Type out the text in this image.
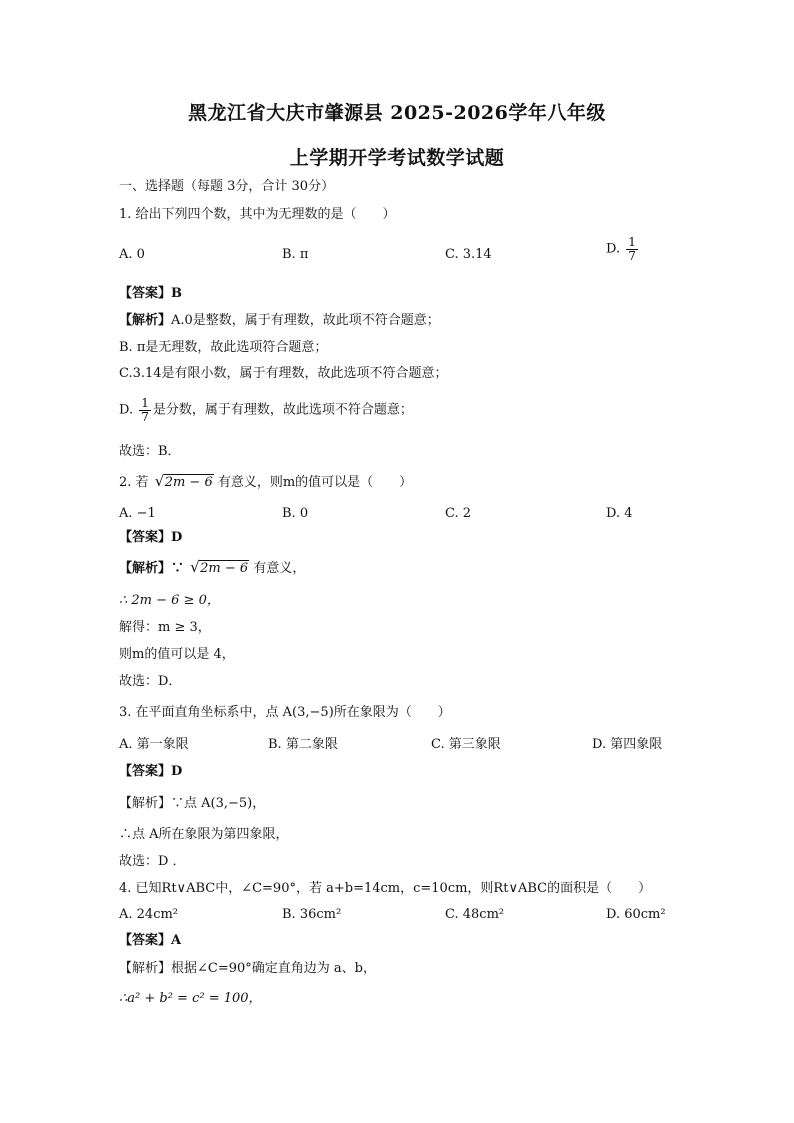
黑龙江省大庆市肇源县 2025-2026学年八年级
上学期开学考试数学试题
一、选择题（每题 3分，合计 30分）
1. 给出下列四个数，其中为无理数的是（　　）
A. 0	B. π	C. 3.14	D. $\frac{1}{7}$
【答案】B
【解析】A.0是整数，属于有理数，故此项不符合题意；
B. π是无理数，故此选项符合题意；
C.3.14是有限小数，属于有理数，故此选项不符合题意；
D. $\frac{1}{7}$ 是分数，属于有理数，故此选项不符合题意；
故选：B．
2. 若 √ 2m − 6 有意义，则m的值可以是（　　）
A. −1	B. 0	C. 2	D. 4
【答案】D
【解析】∵ √ 2m − 6 有意义，
∴ 2m − 6 ≥ 0，
解得：m ≥ 3，
则m的值可以是 4，
故选：D．
3. 在平面直角坐标系中，点 A(3,−5)所在象限为（　　）
A. 第一象限	B. 第二象限	C. 第三象限	D. 第四象限
【答案】D
【解析】∵点 A(3,−5)，
∴点 A所在象限为第四象限，
故选：D ．
4. 已知Rt∨ABC中，∠C=90°，若 a+b=14cm，c=10cm，则Rt∨ABC的面积是（　　）
A. 24cm²	B. 36cm²	C. 48cm²	D. 60cm²
【答案】A
【解析】根据∠C=90°确定直角边为 a、b，
∴a² + b² = c² = 100，
